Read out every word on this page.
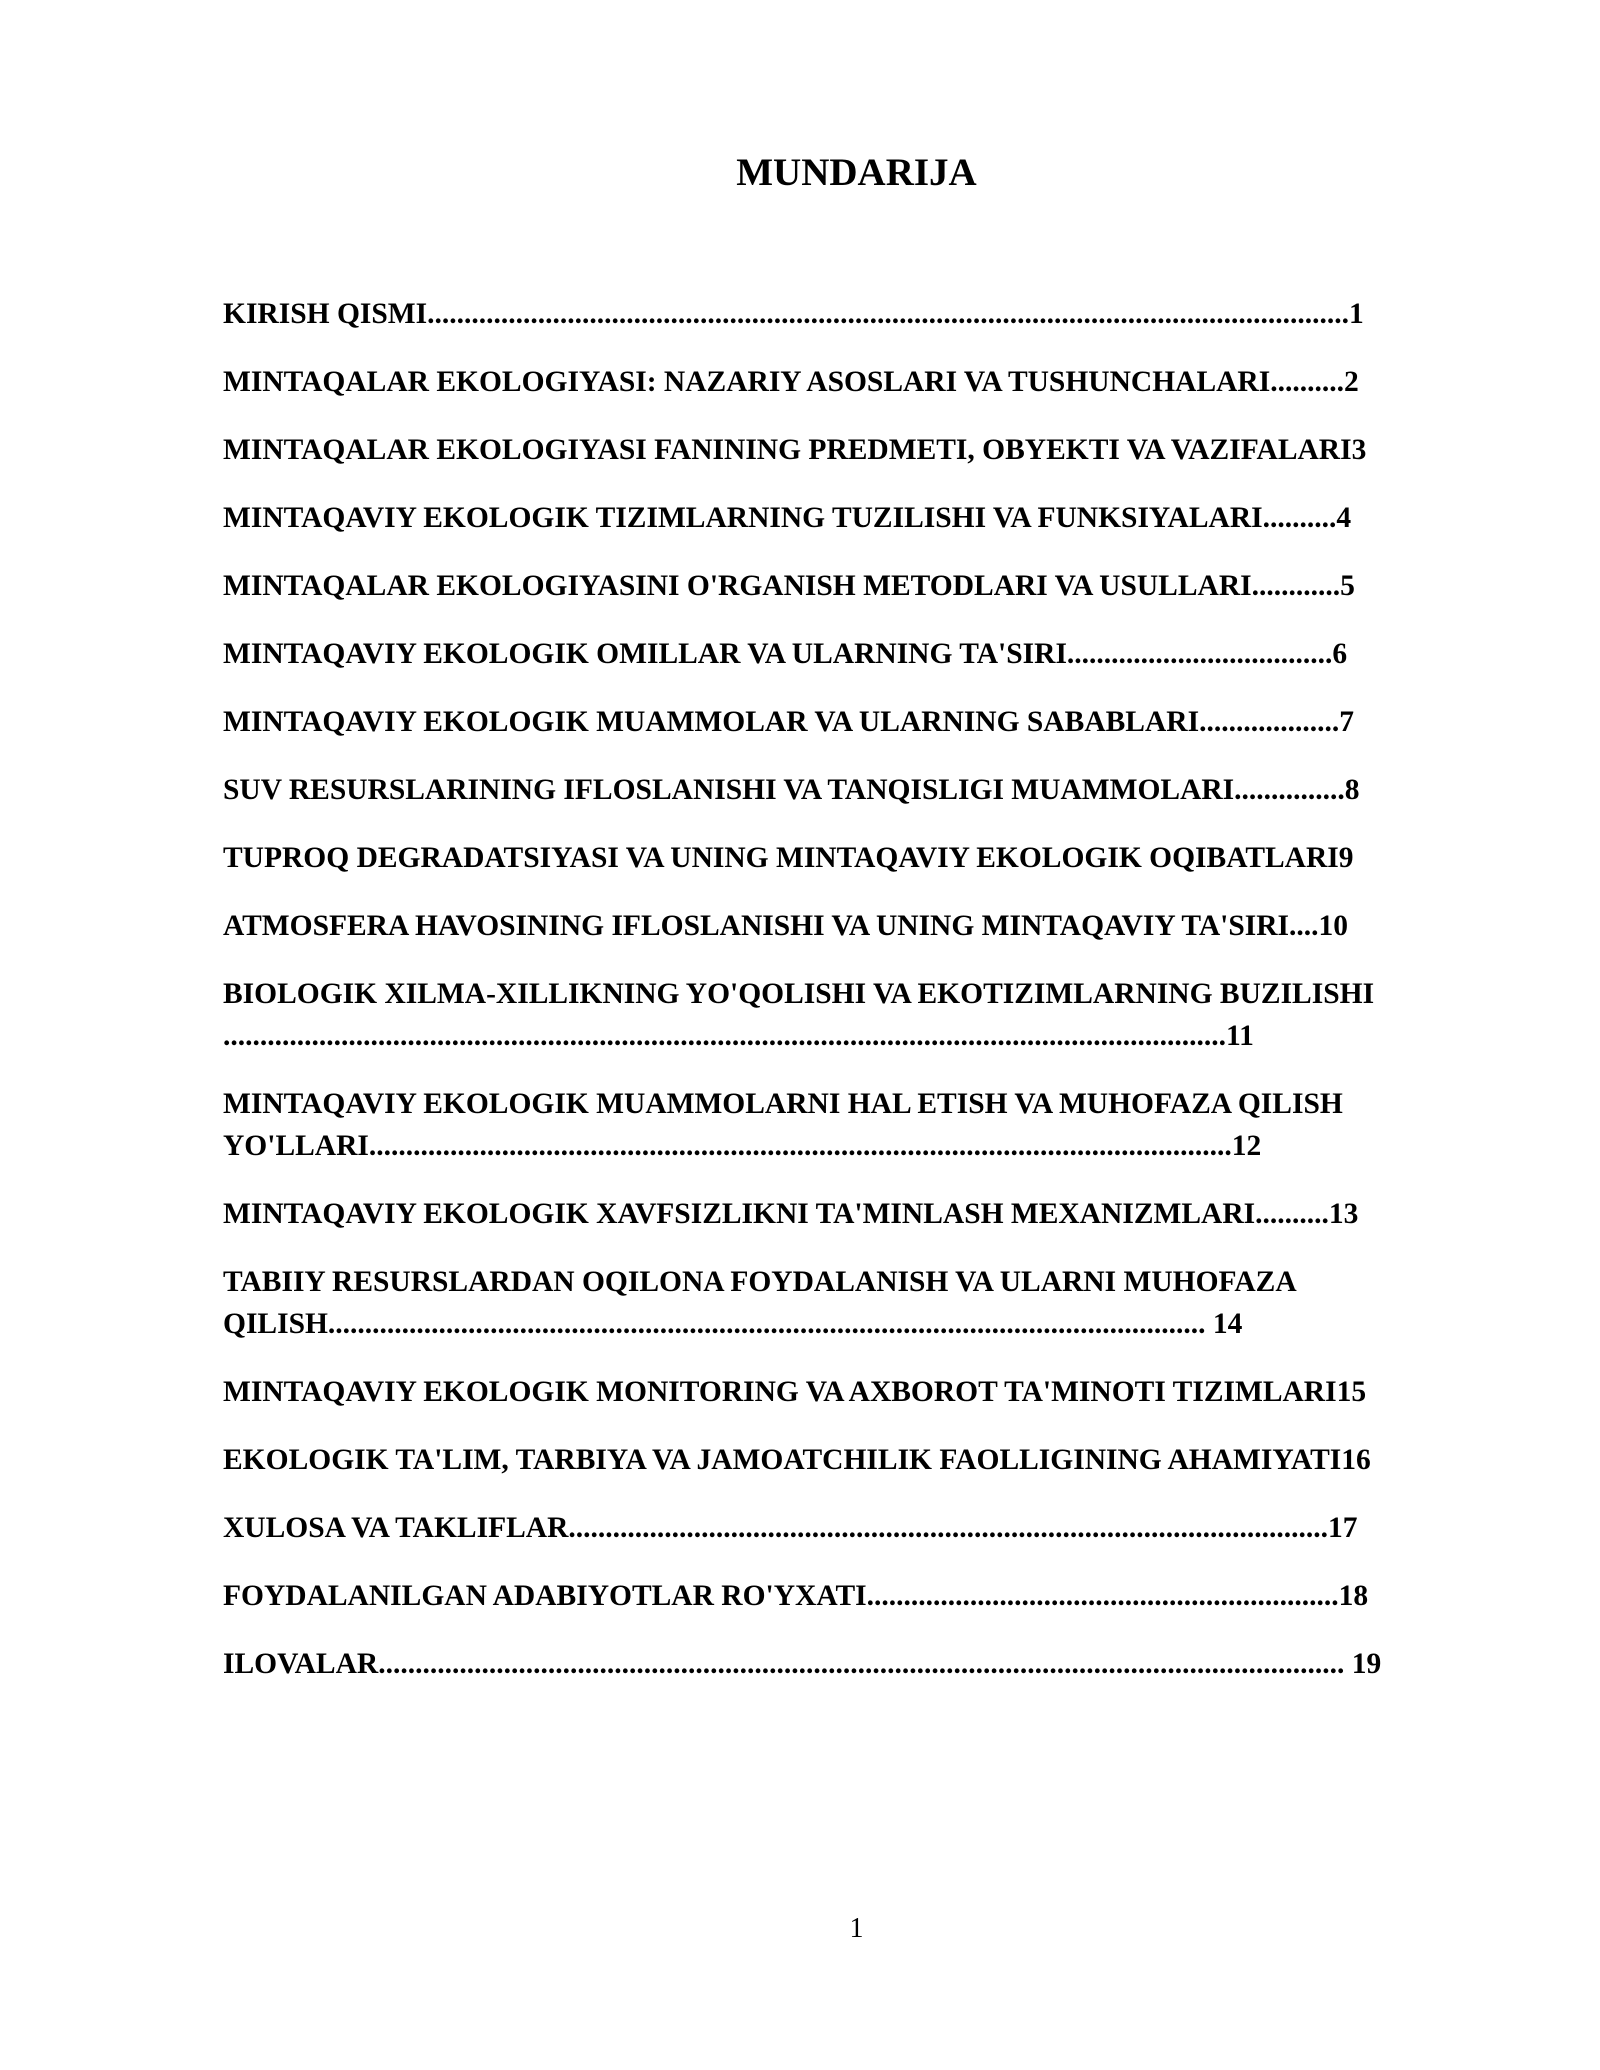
MUNDARIJA
KIRISH QISMI.............................................................................................................................1
MINTAQALAR EKOLOGIYASI: NAZARIY ASOSLARI VA TUSHUNCHALARI..........2
MINTAQALAR EKOLOGIYASI FANINING PREDMETI, OBYEKTI VA VAZIFALARI3
MINTAQAVIY EKOLOGIK TIZIMLARNING TUZILISHI VA FUNKSIYALARI..........4
MINTAQALAR EKOLOGIYASINI O'RGANISH METODLARI VA USULLARI............5
MINTAQAVIY EKOLOGIK OMILLAR VA ULARNING TA'SIRI....................................6
MINTAQAVIY EKOLOGIK MUAMMOLAR VA ULARNING SABABLARI...................7
SUV RESURSLARINING IFLOSLANISHI VA TANQISLIGI MUAMMOLARI...............8
TUPROQ DEGRADATSIYASI VA UNING MINTAQAVIY EKOLOGIK OQIBATLARI9
ATMOSFERA HAVOSINING IFLOSLANISHI VA UNING MINTAQAVIY TA'SIRI....10
BIOLOGIK XILMA-XILLIKNING YO'QOLISHI VA EKOTIZIMLARNING BUZILISHI ........................................................................................................................................11
MINTAQAVIY EKOLOGIK MUAMMOLARNI HAL ETISH VA MUHOFAZA QILISH YO'LLARI.....................................................................................................................12
MINTAQAVIY EKOLOGIK XAVFSIZLIKNI TA'MINLASH MEXANIZMLARI..........13
TABIIY RESURSLARDAN OQILONA FOYDALANISH VA ULARNI MUHOFAZA QILISH....................................................................................................................... 14
MINTAQAVIY EKOLOGIK MONITORING VA AXBOROT TA'MINOTI TIZIMLARI15
EKOLOGIK TA'LIM, TARBIYA VA JAMOATCHILIK FAOLLIGINING AHAMIYATI16
XULOSA VA TAKLIFLAR.......................................................................................................17
FOYDALANILGAN ADABIYOTLAR RO'YXATI................................................................18
ILOVALAR................................................................................................................................... 19
1
